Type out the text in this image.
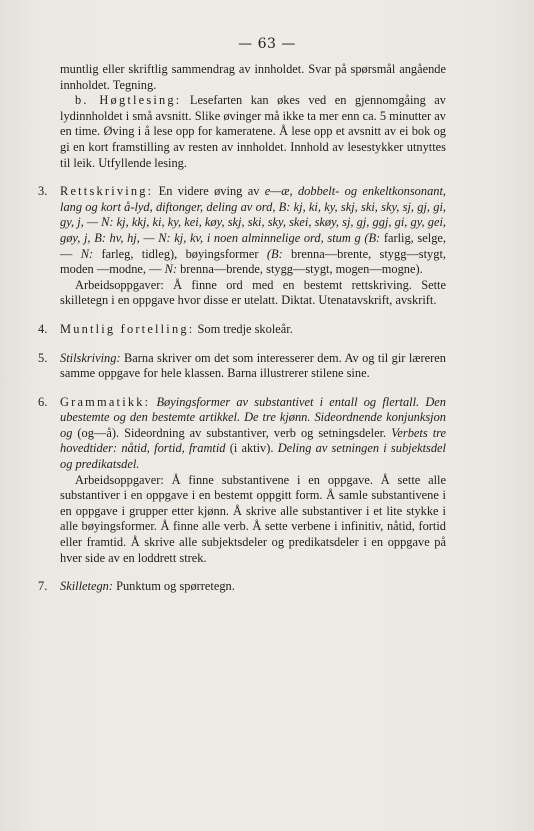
— 63 —

muntlig eller skriftlig sammendrag av innholdet. Svar på spørsmål angående innholdet. Tegning.

b. Høgtlesing: Lesefarten kan økes ved en gjennomgåing av lydinnholdet i små avsnitt. Slike øvinger må ikke ta mer enn ca. 5 minutter av en time. Øving i å lese opp for kameratene. Å lese opp et avsnitt av ei bok og gi en kort framstilling av resten av innholdet. Innhold av lesestykker utnyttes til leik. Utfyllende lesing.

3. Rettskriving: En videre øving av e—æ, dobbelt- og enkeltkonsonant, lang og kort å-lyd, diftonger, deling av ord, B: kj, ki, ky, skj, ski, sky, sj, gj, gi, gy, j, — N: kj, kkj, ki, ky, kei, køy, skj, ski, sky, skei, skøy, sj, gj, ggj, gi, gy, gei, gøy, j, B: hv, hj, — N: kj, kv, i noen alminnelige ord, stum g (B: farlig, selge, — N: farleg, tidleg), bøyingsformer (B: brenna—brente, stygg—stygt, moden —modne, — N: brenna—brende, stygg—stygt, mogen—mogne).

Arbeidsoppgaver: Å finne ord med en bestemt rettskriving. Sette skilletegn i en oppgave hvor disse er utelatt. Diktat. Utenatavskrift, avskrift.

4. Muntlig fortelling: Som tredje skoleår.

5. Stilskriving: Barna skriver om det som interesserer dem. Av og til gir læreren samme oppgave for hele klassen. Barna illustrerer stilene sine.

6. Grammatikk: Bøyingsformer av substantivet i entall og flertall. Den ubestemte og den bestemte artikkel. De tre kjønn. Sideordnende konjunksjon og (og—å). Sideordning av substantiver, verb og setningsdeler. Verbets tre hovedtider: nåtid, fortid, framtid (i aktiv). Deling av setningen i subjektsdel og predikatsdel.

Arbeidsoppgaver: Å finne substantivene i en oppgave. Å sette alle substantiver i en oppgave i en bestemt oppgitt form. Å samle substantivene i en oppgave i grupper etter kjønn. Å skrive alle substantiver i et lite stykke i alle bøyingsformer. Å finne alle verb. Å sette verbene i infinitiv, nåtid, fortid eller framtid. Å skrive alle subjektsdeler og predikatsdeler i en oppgave på hver side av en loddrett strek.

7. Skilletegn: Punktum og spørretegn.
